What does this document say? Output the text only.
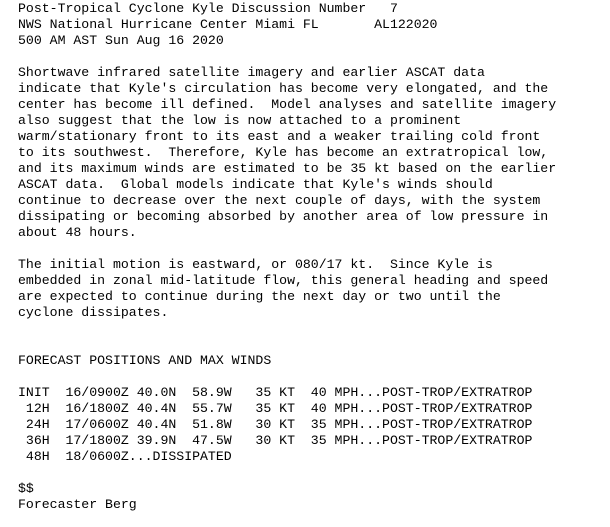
Post-Tropical Cyclone Kyle Discussion Number   7
NWS National Hurricane Center Miami FL       AL122020
500 AM AST Sun Aug 16 2020
Shortwave infrared satellite imagery and earlier ASCAT data
indicate that Kyle's circulation has become very elongated, and the
center has become ill defined.  Model analyses and satellite imagery
also suggest that the low is now attached to a prominent
warm/stationary front to its east and a weaker trailing cold front
to its southwest.  Therefore, Kyle has become an extratropical low,
and its maximum winds are estimated to be 35 kt based on the earlier
ASCAT data.  Global models indicate that Kyle's winds should
continue to decrease over the next couple of days, with the system
dissipating or becoming absorbed by another area of low pressure in
about 48 hours.
The initial motion is eastward, or 080/17 kt.  Since Kyle is
embedded in zonal mid-latitude flow, this general heading and speed
are expected to continue during the next day or two until the
cyclone dissipates.
FORECAST POSITIONS AND MAX WINDS
INIT  16/0900Z 40.0N  58.9W   35 KT  40 MPH...POST-TROP/EXTRATROP
12H  16/1800Z 40.4N  55.7W   35 KT  40 MPH...POST-TROP/EXTRATROP
24H  17/0600Z 40.4N  51.8W   30 KT  35 MPH...POST-TROP/EXTRATROP
36H  17/1800Z 39.9N  47.5W   30 KT  35 MPH...POST-TROP/EXTRATROP
48H  18/0600Z...DISSIPATED
$$
Forecaster Berg
